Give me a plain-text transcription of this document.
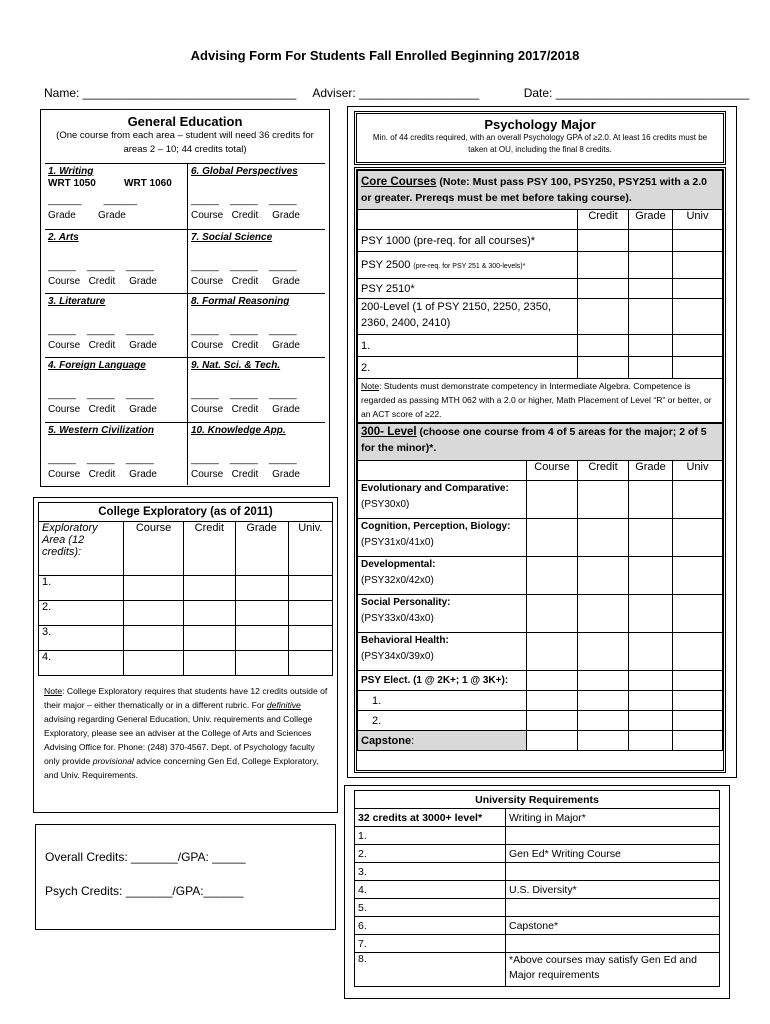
Advising Form For Students Fall Enrolled Beginning 2017/2018
Name: ________________________________ Adviser: __________________	Date: _____________________________
General Education
(One course from each area – student will need 36 credits for areas 2 – 10; 44 credits total)
1. Writing
WRT 1050	WRT 1060
______        ______
Grade        Grade
6. Global Perspectives
_____    _____    _____
Course   Credit     Grade
2. Arts
_____    _____    _____
Course   Credit     Grade
7. Social Science
_____    _____    _____
Course   Credit     Grade
3. Literature
_____    _____    _____
Course   Credit     Grade
8. Formal Reasoning
_____    _____    _____
Course   Credit     Grade
4. Foreign Language
_____    _____    _____
Course   Credit     Grade
9. Nat. Sci. & Tech.
_____    _____    _____
Course   Credit     Grade
5. Western Civilization
_____    _____    _____
Course   Credit     Grade
10. Knowledge App.
_____    _____    _____
Course   Credit     Grade
College Exploratory (as of 2011)
Exploratory Area (12 credits):	Course	Credit	Grade	Univ.
1.				
2.				
3.				
4.				
Note: College Exploratory requires that students have 12 credits outside of their major – either thematically or in a different rubric. For definitive advising regarding General Education, Univ. requirements and College Exploratory, please see an adviser at the College of Arts and Sciences Advising Office for. Phone: (248) 370-4567. Dept. of Psychology faculty only provide provisional advice concerning Gen Ed, College Exploratory, and Univ. Requirements.
Overall Credits: _______/GPA: _____
Psych Credits: _______/GPA:______
Psychology Major
Min. of 44 credits required, with an overall Psychology GPA of ≥2.0. At least 16 credits must be taken at OU, including the final 8 credits.
Core Courses (Note: Must pass PSY 100, PSY250, PSY251 with a 2.0 or greater. Prereqs must be met before taking course).			
	Credit	Grade	Univ
PSY 1000 (pre-req. for all courses)*			
PSY 2500 (pre-req. for PSY 251 & 300-levels)*			
PSY 2510*			
200-Level (1 of PSY 2150, 2250, 2350, 2360, 2400, 2410)			
1.			
2.			
Note: Students must demonstrate competency in Intermediate Algebra. Competence is regarded as passing MTH 062 with a 2.0 or higher, Math Placement of Level “R” or better, or an ACT score of ≥22.			
300- Level (choose one course from 4 of 5 areas for the major; 2 of 5 for the minor)*.				
	Course	Credit	Grade	Univ
Evolutionary and Comparative: (PSY30x0)				
Cognition, Perception, Biology: (PSY31x0/41x0)				
Developmental:
(PSY32x0/42x0)				
Social Personality:
(PSY33x0/43x0)				
Behavioral Health:
(PSY34x0/39x0)				
PSY Elect. (1 @ 2K+; 1 @ 3K+):				
1.				
2.				
Capstone:				
University Requirements	
32 credits at 3000+ level*	Writing in Major*
1.	
2.	Gen Ed* Writing Course
3.	
4.	U.S. Diversity*
5.	
6.	Capstone*
7.	
8.	*Above courses may satisfy Gen Ed and Major requirements
